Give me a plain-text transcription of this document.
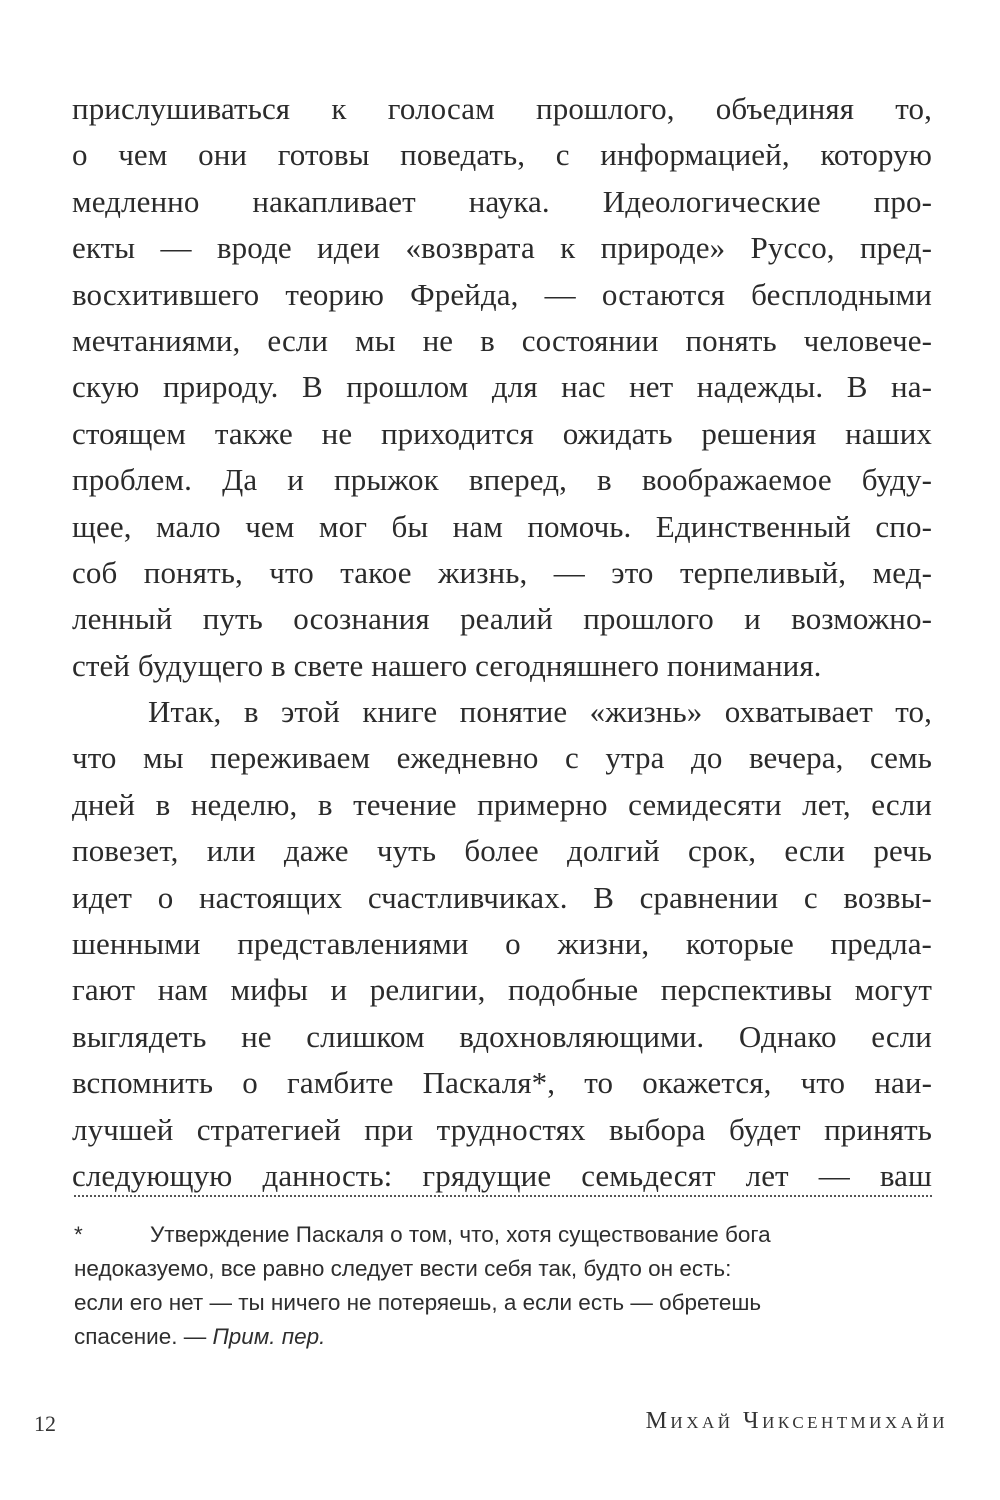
прислушиваться к голосам прошлого, объединяя то,
о чем они готовы поведать, с информацией, которую
медленно накапливает наука. Идеологические про-
екты — вроде идеи «возврата к природе» Руссо, пред-
восхитившего теорию Фрейда, — остаются бесплодными
мечтаниями, если мы не в состоянии понять человече-
скую природу. В прошлом для нас нет надежды. В на-
стоящем также не приходится ожидать решения наших
проблем. Да и прыжок вперед, в воображаемое буду-
щее, мало чем мог бы нам помочь. Единственный спо-
соб понять, что такое жизнь, — это терпеливый, мед-
ленный путь осознания реалий прошлого и возможно-
стей будущего в свете нашего сегодняшнего понимания.
Итак, в этой книге понятие «жизнь» охватывает то,
что мы переживаем ежедневно с утра до вечера, семь
дней в неделю, в течение примерно семидесяти лет, если
повезет, или даже чуть более долгий срок, если речь
идет о настоящих счастливчиках. В сравнении с возвы-
шенными представлениями о жизни, которые предла-
гают нам мифы и религии, подобные перспективы могут
выглядеть не слишком вдохновляющими. Однако если
вспомнить о гамбите Паскаля*, то окажется, что наи-
лучшей стратегией при трудностях выбора будет принять
следующую данность: грядущие семьдесят лет — ваш
*	Утверждение Паскаля о том, что, хотя существование бога
недоказуемо, все равно следует вести себя так, будто он есть:
если его нет — ты ничего не потеряешь, а если есть — обретешь
спасение. — Прим. пер.
12	Михай Чиксентмихайи
